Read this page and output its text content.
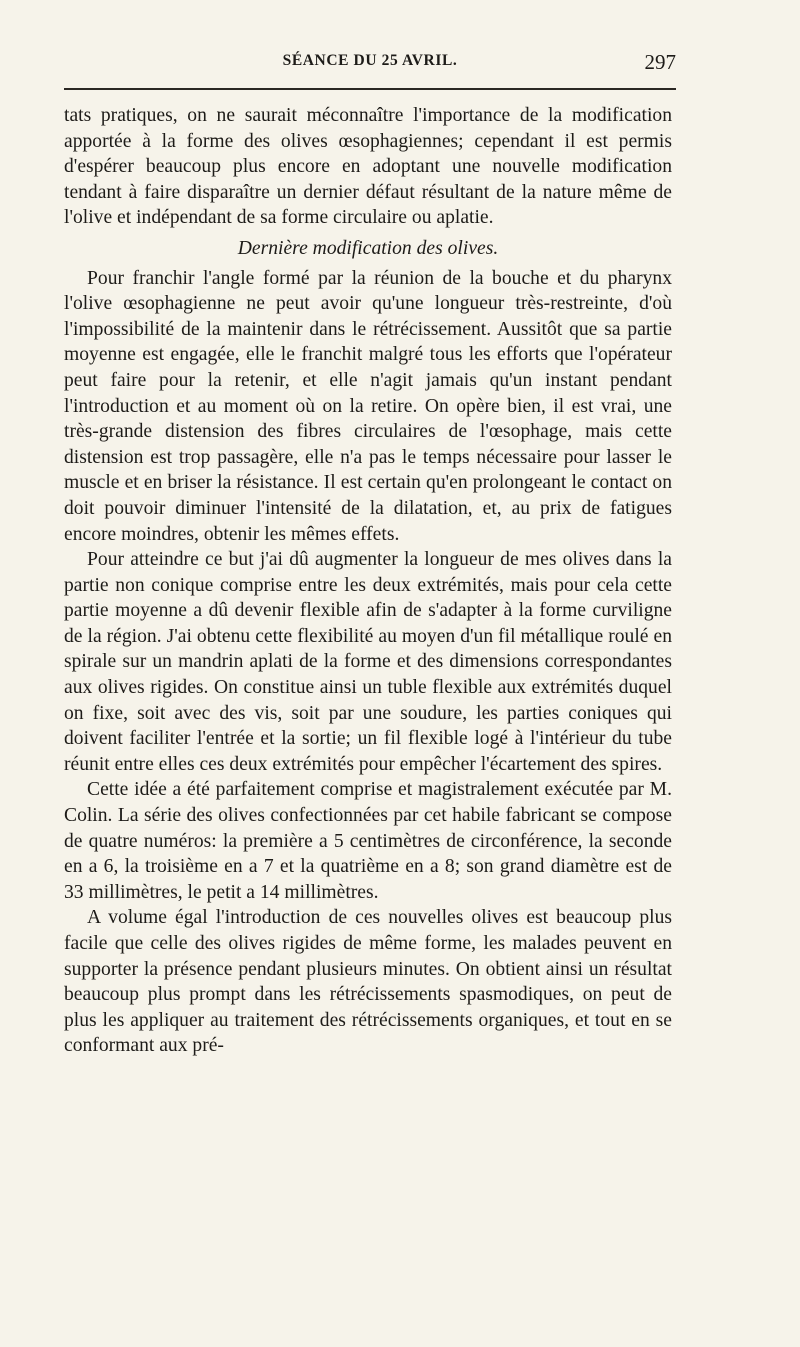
SÉANCE DU 25 AVRIL.	297

tats pratiques, on ne saurait méconnaître l'importance de la modification apportée à la forme des olives œsophagiennes; cependant il est permis d'espérer beaucoup plus encore en adoptant une nouvelle modification tendant à faire disparaître un dernier défaut résultant de la nature même de l'olive et indépendant de sa forme circulaire ou aplatie.

Dernière modification des olives.

Pour franchir l'angle formé par la réunion de la bouche et du pharynx l'olive œsophagienne ne peut avoir qu'une longueur très-restreinte, d'où l'impossibilité de la maintenir dans le rétrécissement. Aussitôt que sa partie moyenne est engagée, elle le franchit malgré tous les efforts que l'opérateur peut faire pour la retenir, et elle n'agit jamais qu'un instant pendant l'introduction et au moment où on la retire. On opère bien, il est vrai, une très-grande distension des fibres circulaires de l'œsophage, mais cette distension est trop passagère, elle n'a pas le temps nécessaire pour lasser le muscle et en briser la résistance. Il est certain qu'en prolongeant le contact on doit pouvoir diminuer l'intensité de la dilatation, et, au prix de fatigues encore moindres, obtenir les mêmes effets.

Pour atteindre ce but j'ai dû augmenter la longueur de mes olives dans la partie non conique comprise entre les deux extrémités, mais pour cela cette partie moyenne a dû devenir flexible afin de s'adapter à la forme curviligne de la région. J'ai obtenu cette flexibilité au moyen d'un fil métallique roulé en spirale sur un mandrin aplati de la forme et des dimensions correspondantes aux olives rigides. On constitue ainsi un tuble flexible aux extrémités duquel on fixe, soit avec des vis, soit par une soudure, les parties coniques qui doivent faciliter l'entrée et la sortie; un fil flexible logé à l'intérieur du tube réunit entre elles ces deux extrémités pour empêcher l'écartement des spires.

Cette idée a été parfaitement comprise et magistralement exécutée par M. Colin. La série des olives confectionnées par cet habile fabricant se compose de quatre numéros: la première a 5 centimètres de circonférence, la seconde en a 6, la troisième en a 7 et la quatrième en a 8; son grand diamètre est de 33 millimètres, le petit a 14 millimètres.

A volume égal l'introduction de ces nouvelles olives est beaucoup plus facile que celle des olives rigides de même forme, les malades peuvent en supporter la présence pendant plusieurs minutes. On obtient ainsi un résultat beaucoup plus prompt dans les rétrécissements spasmodiques, on peut de plus les appliquer au traitement des rétrécissements organiques, et tout en se conformant aux pré-
